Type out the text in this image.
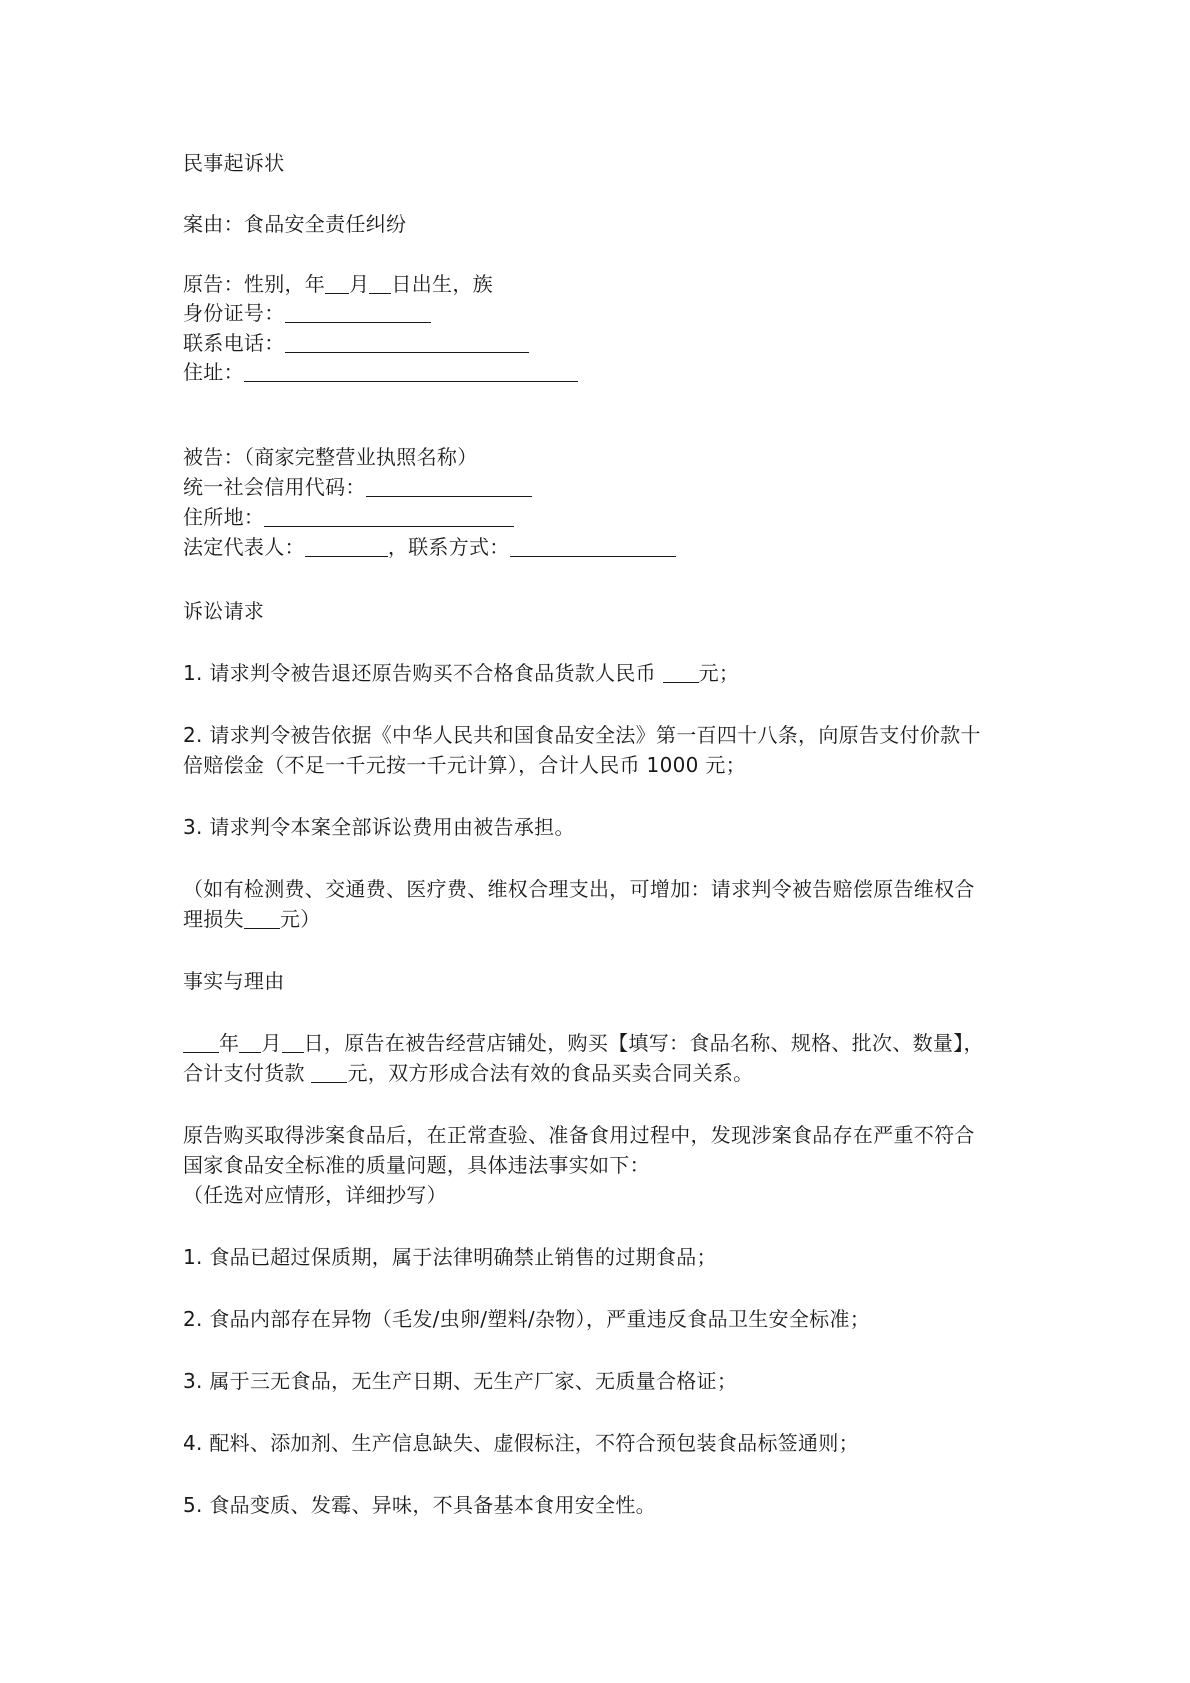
民事起诉状
案由：食品安全责任纠纷
原告：性别，年 月 日出生，族
身份证号：
联系电话：
住址：
被告：（商家完整营业执照名称）
统一社会信用代码：
住所地：
法定代表人：	，联系方式：
诉讼请求
1. 请求判令被告退还原告购买不合格食品货款人民币 元；
2. 请求判令被告依据《中华人民共和国食品安全法》第一百四十八条，向原告支付价款十
倍赔偿金（不足一千元按一千元计算），合计人民币 1000 元；
3. 请求判令本案全部诉讼费用由被告承担。
（如有检测费、交通费、医疗费、维权合理支出，可增加：请求判令被告赔偿原告维权合
理损失 元）
事实与理由
年 月 日，原告在被告经营店铺处，购买【填写：食品名称、规格、批次、数量】，
合计支付货款 元，双方形成合法有效的食品买卖合同关系。
原告购买取得涉案食品后，在正常查验、准备食用过程中，发现涉案食品存在严重不符合
国家食品安全标准的质量问题，具体违法事实如下：
（任选对应情形，详细抄写）
1. 食品已超过保质期，属于法律明确禁止销售的过期食品；
2. 食品内部存在异物（毛发/虫卵/塑料/杂物），严重违反食品卫生安全标准；
3. 属于三无食品，无生产日期、无生产厂家、无质量合格证；
4. 配料、添加剂、生产信息缺失、虚假标注，不符合预包装食品标签通则；
5. 食品变质、发霉、异味，不具备基本食用安全性。
